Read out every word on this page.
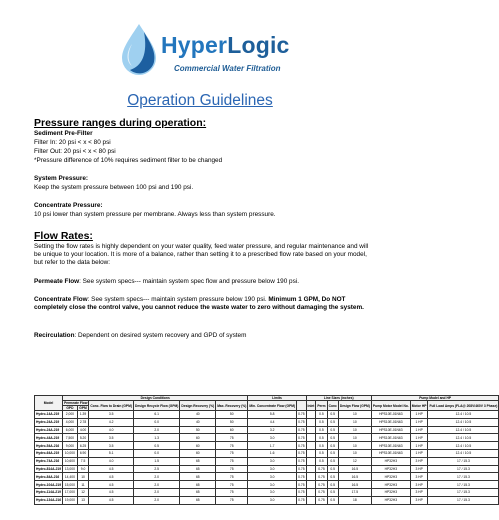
HyperLogic
Commercial Water Filtration
Operation Guidelines
Pressure ranges during operation:
Sediment Pre-Filter
Filter In: 20 psi < x < 80 psi
Filter Out: 20 psi < x < 80 psi
*Pressure difference of 10% requires sediment filter to be changed
System Pressure:
Keep the system pressure between 100 psi and 190 psi.
Concentrate Pressure:
10 psi lower than system pressure per membrane. Always less than system pressure.
Flow Rates:
Setting the flow rates is highly dependent on your water quality, feed water pressure, and regular maintenance and will be unique to your location. It is more of a balance, rather than setting it to a prescribed flow rate based on your model, but refer to the data below:
Permeate Flow: See system specs--- maintain system spec flow and pressure below 190 psi.
Concentrate Flow: See system specs--- maintain system pressure below 190 psi. Minimum 1 GPM, Do NOT completely close the control valve, you cannot reduce the waste water to zero without damaging the system.
Recirculation: Dependent on desired system recovery and GPD of system
Model	Design Conditions						Limits		Line Sizes (inches)				Pump Model and HP		
	Permeate Flow		Conc. Flow to Drain (GPM)	Design Recycle Flow (GPM)	Design Recovery (%)	Max. Recovery (%)	Min. Concentrate Flow (GPM)		Inlet	Perm	Conc	Design Flow (GPM)	Pump Motor Model No.	Motor HP	Full Load Amps (FLA@ 208V/460V 3 Phase)
	GPD	GPM													
Hydro-14A-219	2,000	1.39	3.5	6.1	40	50	5.8	0.75		0.5	0.5	10	HPS10E-01N63	1 HP	12.4 / 10.5
Hydro-24A-219	4,000	2.78	4.2	0.0	40	50	4.4	0.75		0.5	0.5	10	HPS10E-01N63	1 HP	12.4 / 10.5
Hydro-24A-219	6,000	4.00	4.0	2.0	50	60	3.2	0.75		0.5	0.5	10	HPS10E-01N63	1 HP	12.4 / 10.5
Hydro-44A-219	7,500	5.20	3.5	1.3	60	75	3.0	0.75		0.5	0.5	10	HPS10E-01N63	1 HP	12.4 / 10.5
Hydro-54A-216	9,000	6.25	3.5	0.5	60	75	1.7	0.75		0.5	0.5	10	HPS10E-01N63	1 HP	12.4 / 10.5
Hydro-64A-219	10,000	6.90	5.1	0.0	60	75	1.6	0.75		0.5	0.5	10	HPS10E-01N63	1 HP	12.4 / 10.5
Hydro-74A-216	10,600	7.5	4.0	1.5	65	75	3.0	0.75		0.5	0.5	12	HP32H3	3 HP	17 / 15.3
Hydro-814A-219	13,000	9.0	4.5	2.5	65	75	3.0	0.75		0.75	0.5	16.5	HP32H3	3 HP	17 / 15.3
Hydro-84A-216	14,400	10	4.5	2.0	65	75	3.0	0.75		0.75	0.5	16.5	HP32H3	3 HP	17 / 15.3
Hydro-104A-219	15,000	11	4.5	2.0	65	75	3.0	0.75		0.75	0.5	16.5	HP32H3	3 HP	17 / 15.3
Hydro-114A-219	17,000	12	4.5	2.0	65	75	3.0	0.75		0.75	0.5	17.5	HP32H3	3 HP	17 / 15.3
Hydro-134A-216	19,000	13	4.5	2.0	65	75	3.0	0.75		0.75	0.5	18	HP32H3	3 HP	17 / 15.3
